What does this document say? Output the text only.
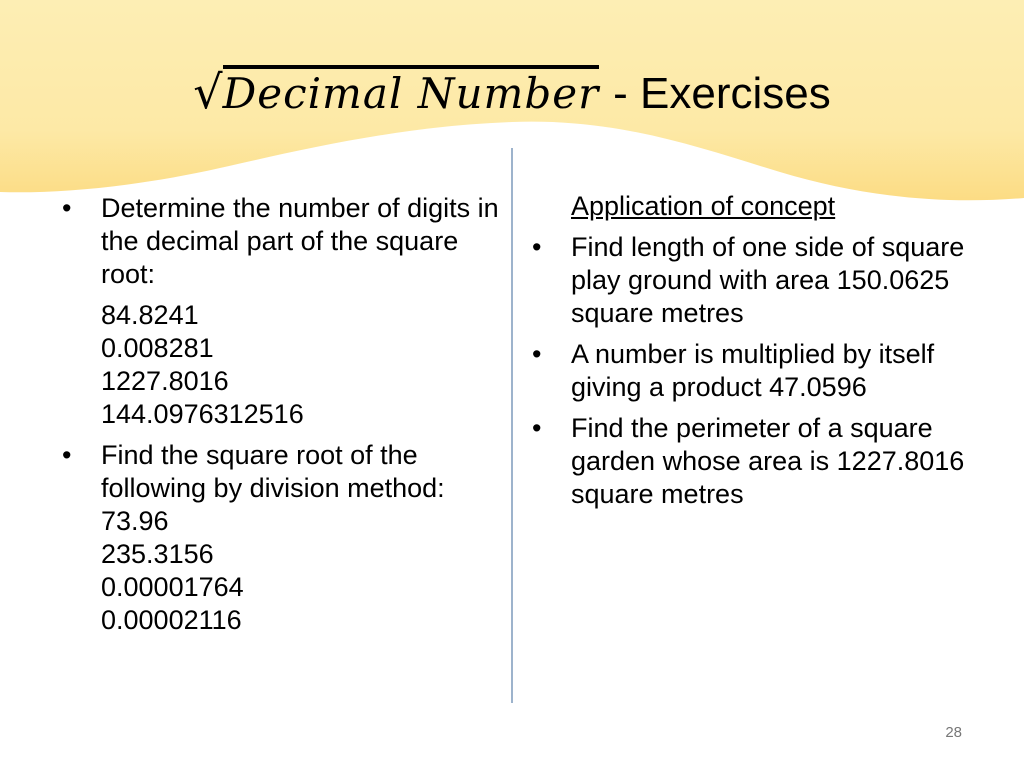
√Decimal Number - Exercises
• Determine the number of digits in the decimal part of the square root:
84.8241
0.008281
1227.8016
144.0976312516
• Find the square root of the following by division method:
73.96
235.3156
0.00001764
0.00002116
Application of concept
• Find length of one side of square play ground with area 150.0625 square metres
• A number is multiplied by itself giving a product 47.0596
• Find the perimeter of a square garden whose area is 1227.8016 square metres
28
